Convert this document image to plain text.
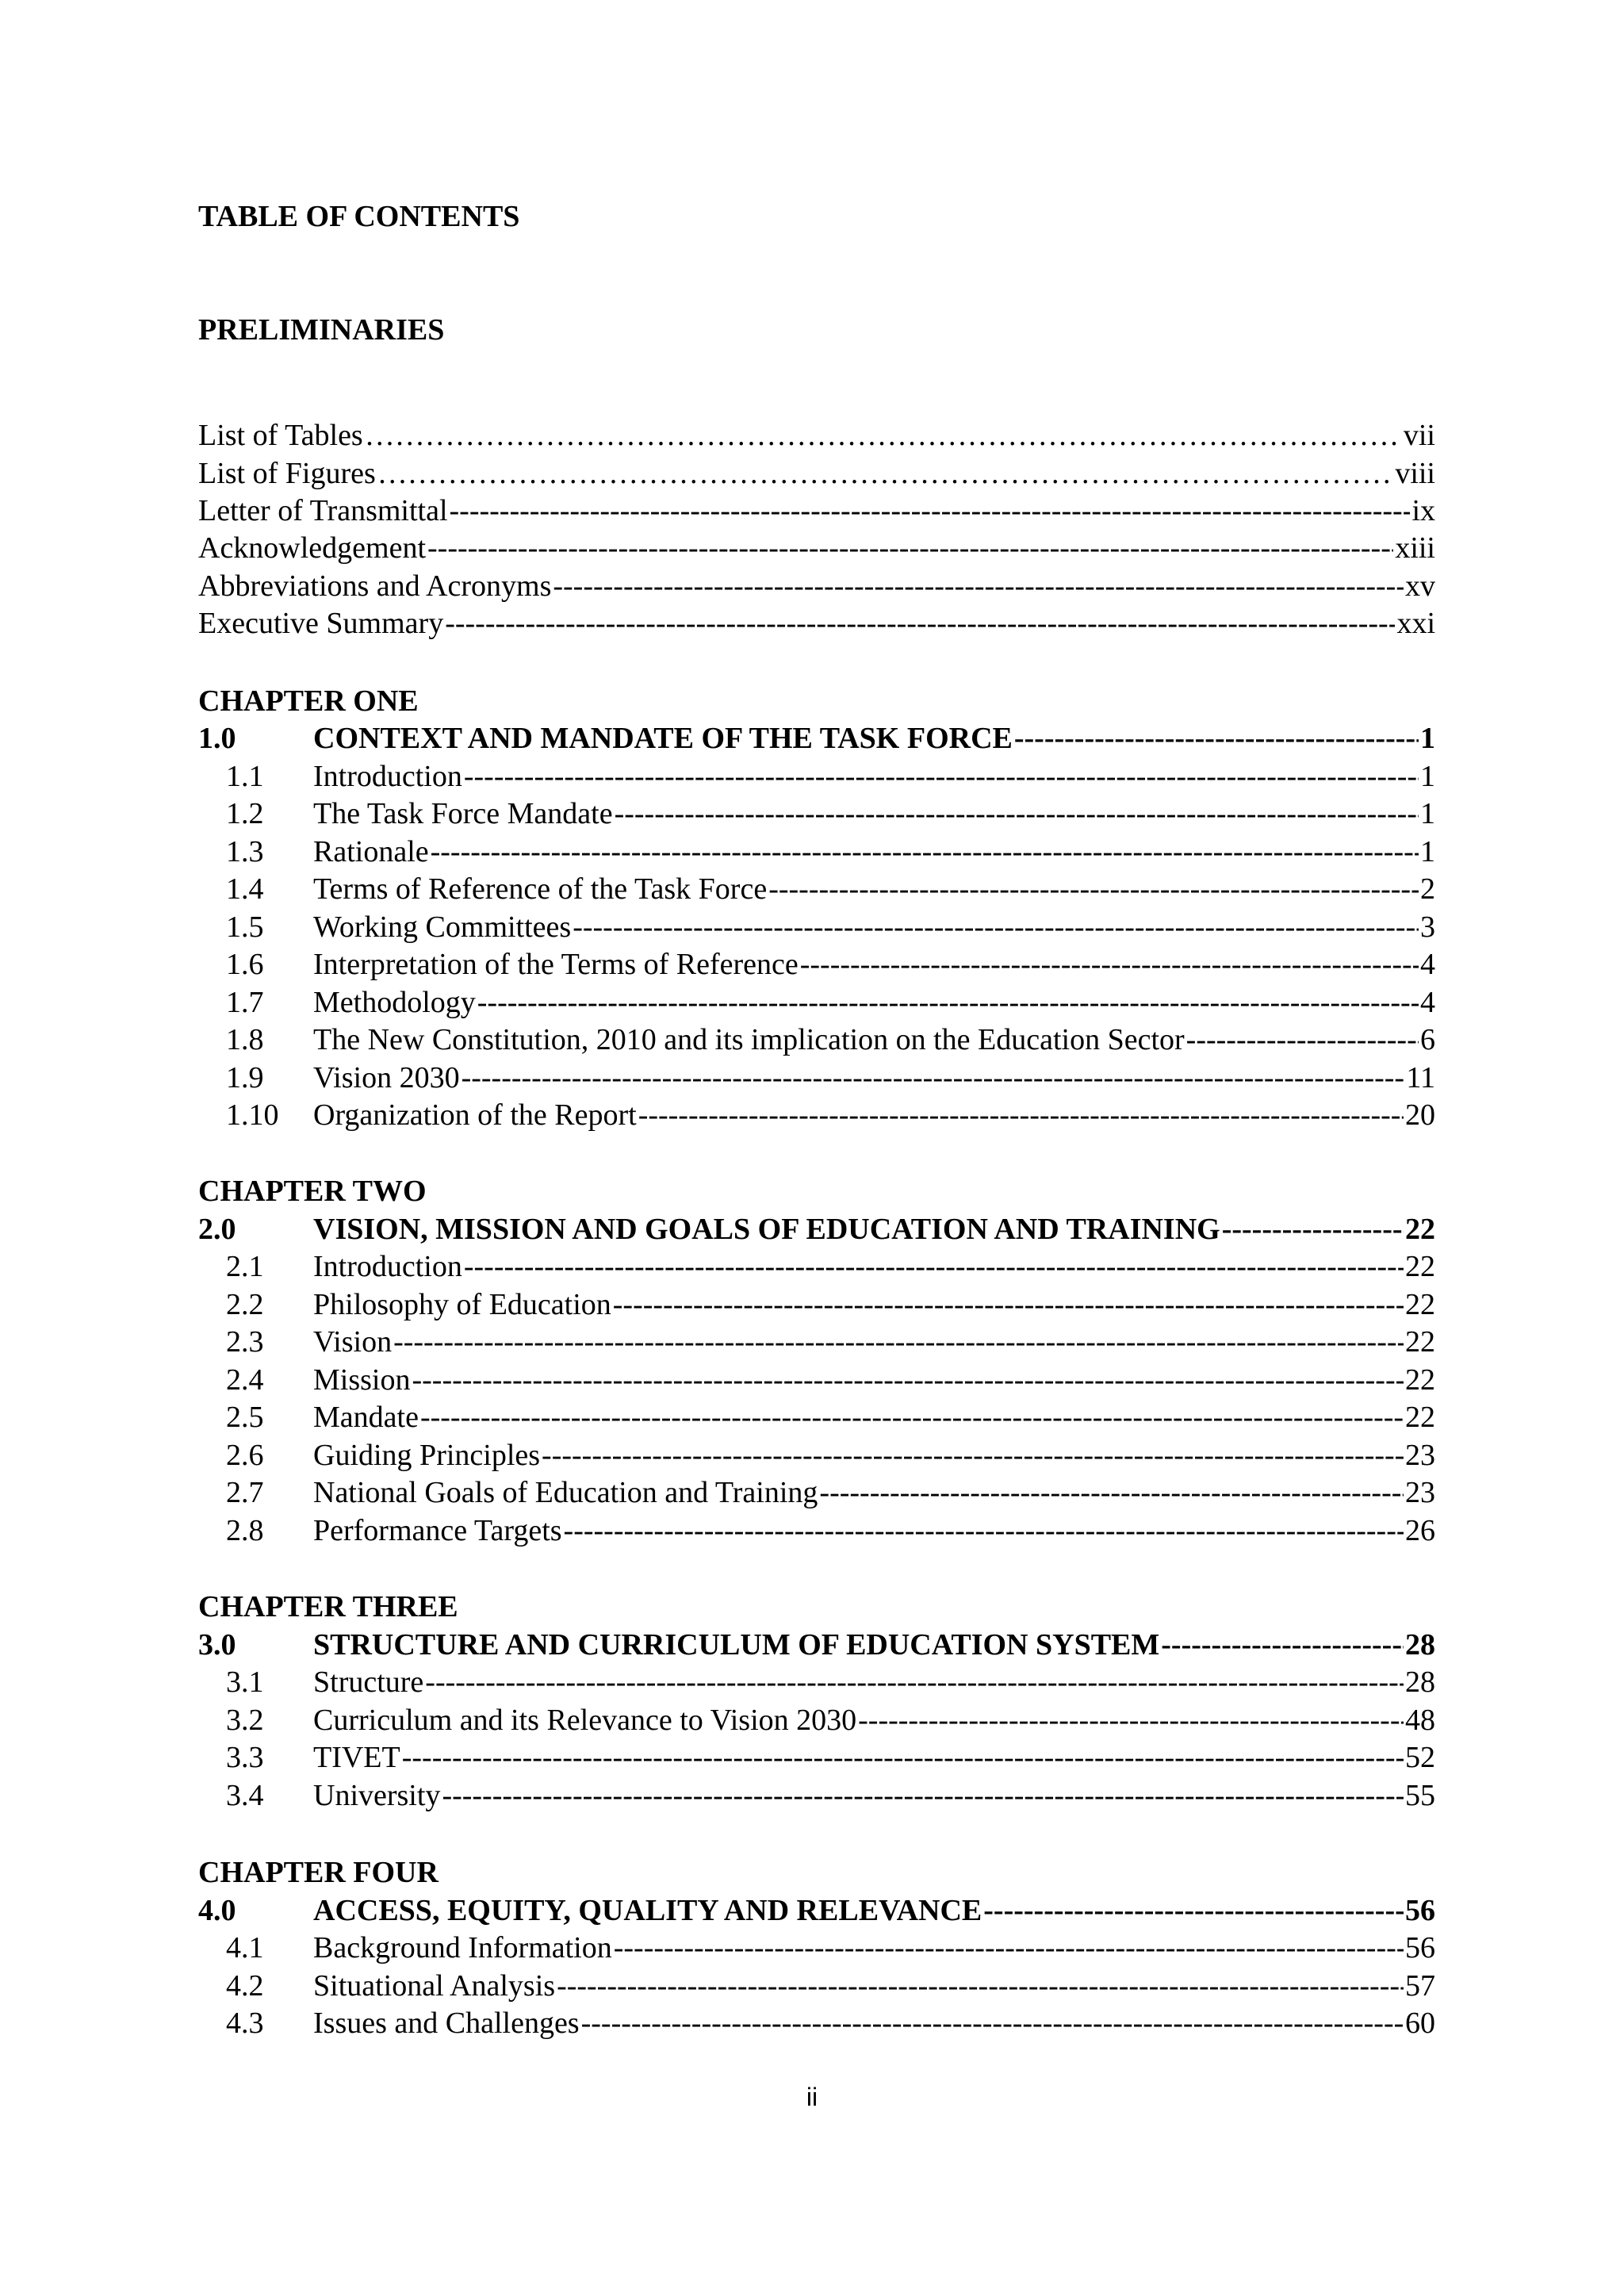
TABLE OF CONTENTS
PRELIMINARIES
List of Tables ………………………………………………………………………………………………………………………………………………………………………………………………………	vii
List of Figures ………………………………………………………………………………………………………………………………………………………………………………………………………	viii
Letter of Transmittal -----	ix
Acknowledgement -----	xiii
Abbreviations and Acronyms -----	xv
Executive Summary -----	xxi
CHAPTER ONE
1.0	CONTEXT AND MANDATE OF THE TASK FORCE -----	1
1.1	Introduction -----	1
1.2	The Task Force Mandate -----	1
1.3	Rationale -----	1
1.4	Terms of Reference of the Task Force -----	2
1.5	Working Committees -----	3
1.6	Interpretation of the Terms of Reference -----	4
1.7	Methodology -----	4
1.8	The New Constitution, 2010 and its implication on the Education Sector -----	6
1.9	Vision 2030 -----	11
1.10	Organization of the Report -----	20
CHAPTER TWO
2.0	VISION, MISSION AND GOALS OF EDUCATION AND TRAINING -----	22
2.1	Introduction -----	22
2.2	Philosophy of Education -----	22
2.3	Vision -----	22
2.4	Mission -----	22
2.5	Mandate -----	22
2.6	Guiding Principles -----	23
2.7	National Goals of Education and Training -----	23
2.8	Performance Targets -----	26
CHAPTER THREE
3.0	STRUCTURE AND CURRICULUM OF EDUCATION SYSTEM -----	28
3.1	Structure -----	28
3.2	Curriculum and its Relevance to Vision 2030 -----	48
3.3	TIVET -----	52
3.4	University -----	55
CHAPTER FOUR
4.0	ACCESS, EQUITY, QUALITY AND RELEVANCE -----	56
4.1	Background Information -----	56
4.2	Situational Analysis -----	57
4.3	Issues and Challenges -----	60
ii
